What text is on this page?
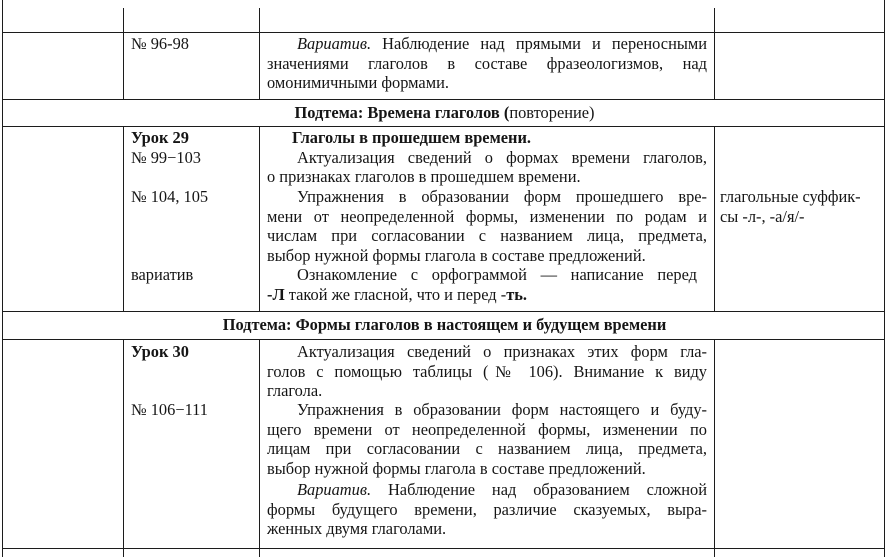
№ 96-98	Вариатив. Наблюдение над прямыми и переносными
значениями глаголов в составе фразеологизмов, над
омонимичными формами.
Подтема: Времена глаголов (повторение)
Урок 29
№ 99−103
№ 104, 105
вариатив
Глаголы в прошедшем времени.
Актуализация сведений о формах времени глаголов,
о признаках глаголов в прошедшем времени.
Упражнения в образовании форм прошедшего вре-
мени от неопределенной формы, изменении по родам и
числам при согласовании с названием лица, предмета,
выбор нужной формы глагола в составе предложений.
Ознакомление с орфограммой — написание перед
-Л такой же гласной, что и перед -ть.
глагольные суффик-
сы -л-, -а/я/-
Подтема: Формы глаголов в настоящем и будущем времени
Урок 30
№ 106−111
Актуализация сведений о признаках этих форм гла-
голов с помощью таблицы (№ 106). Внимание к виду
глагола.
Упражнения в образовании форм настоящего и буду-
щего времени от неопределенной формы, изменении по
лицам при согласовании с названием лица, предмета,
выбор нужной формы глагола в составе предложений.
Вариатив. Наблюдение над образованием сложной
формы будущего времени, различие сказуемых, выра-
женных двумя глаголами.
